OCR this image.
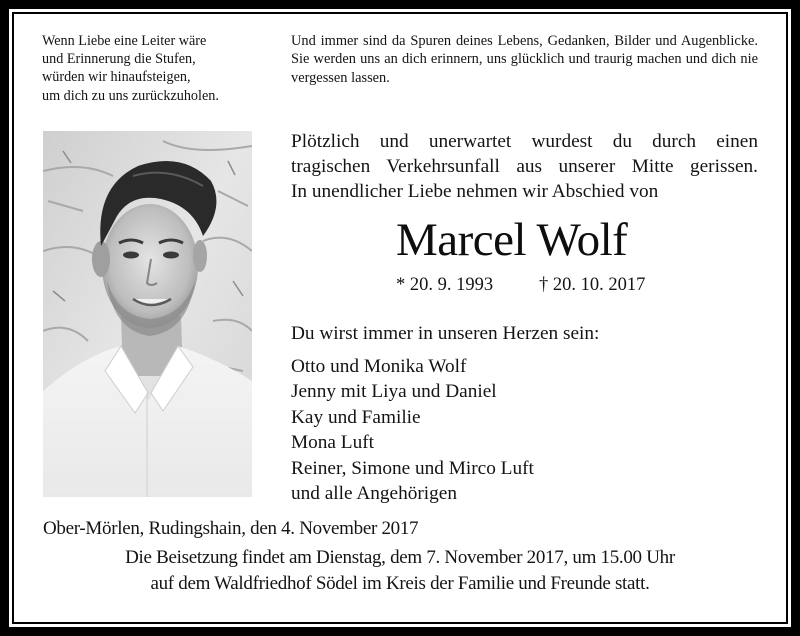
Wenn Liebe eine Leiter wäre
und Erinnerung die Stufen,
würden wir hinaufsteigen,
um dich zu uns zurückzuholen.
Und immer sind da Spuren deines Lebens, Gedanken, Bilder und Augenblicke. Sie werden uns an dich erinnern, uns glücklich und traurig machen und dich nie vergessen lassen.
Plötzlich und unerwartet wurdest du durch einen
tragischen Verkehrsunfall aus unserer Mitte gerissen.
In unendlicher Liebe nehmen wir Abschied von
Marcel Wolf
* 20. 9. 1993 † 20. 10. 2017
Du wirst immer in unseren Herzen sein:
Otto und Monika Wolf
Jenny mit Liya und Daniel
Kay und Familie
Mona Luft
Reiner, Simone und Mirco Luft
und alle Angehörigen
Ober-Mörlen, Rudingshain, den 4. November 2017
Die Beisetzung findet am Dienstag, dem 7. November 2017, um 15.00 Uhr
auf dem Waldfriedhof Södel im Kreis der Familie und Freunde statt.
